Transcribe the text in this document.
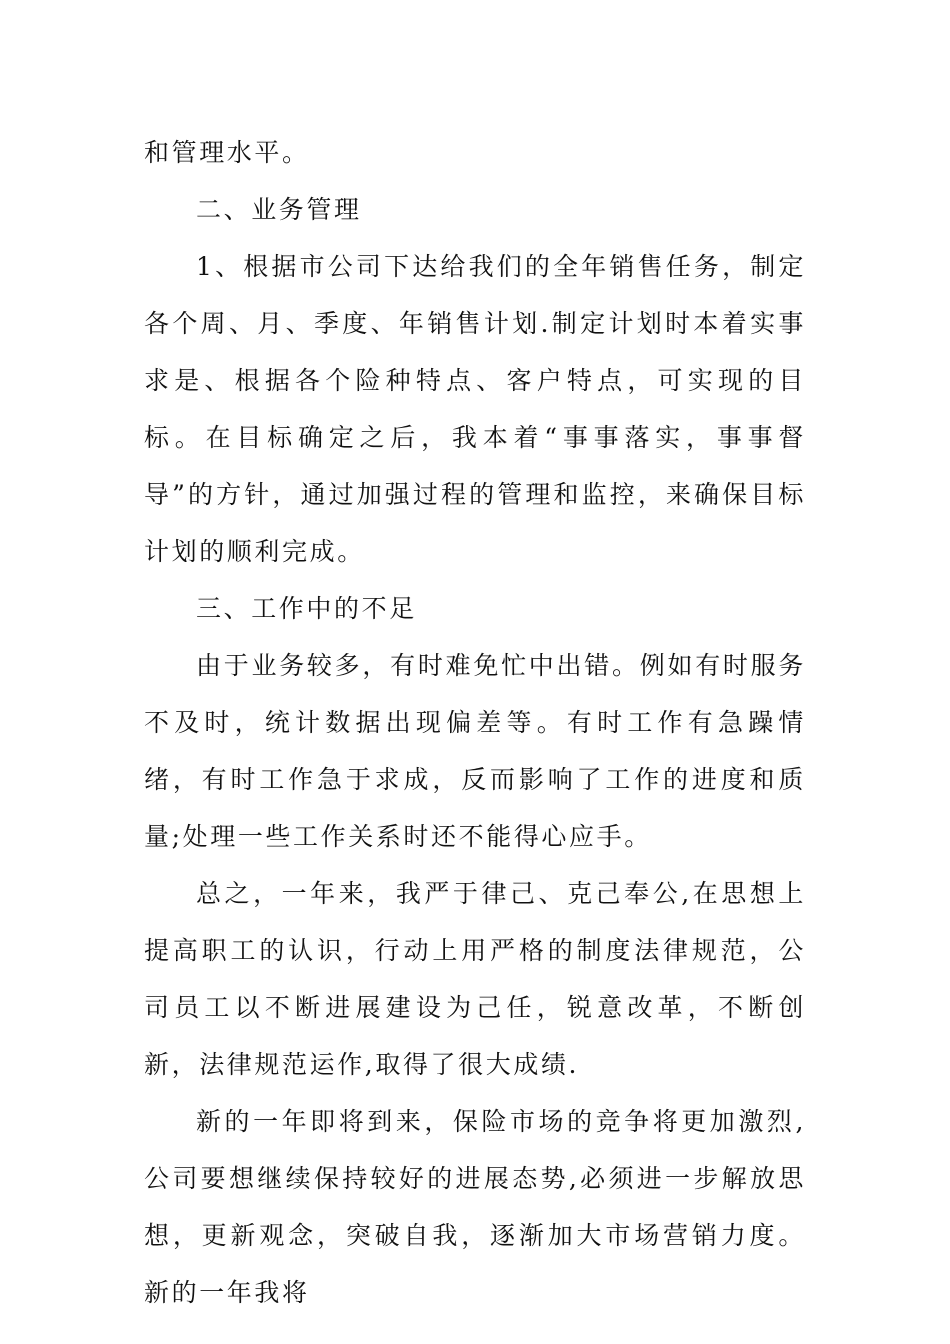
和管理水平。

二、业务管理

1、根据市公司下达给我们的全年销售任务，制定各个周、月、季度、年销售计划.制定计划时本着实事求是、根据各个险种特点、客户特点，可实现的目标。在目标确定之后，我本着“事事落实，事事督导”的方针，通过加强过程的管理和监控，来确保目标计划的顺利完成。

三、工作中的不足

由于业务较多，有时难免忙中出错。例如有时服务不及时，统计数据出现偏差等。有时工作有急躁情绪，有时工作急于求成，反而影响了工作的进度和质量;处理一些工作关系时还不能得心应手。

总之，一年来，我严于律己、克己奉公,在思想上提高职工的认识，行动上用严格的制度法律规范，公司员工以不断进展建设为己任，锐意改革，不断创新，法律规范运作,取得了很大成绩.

新的一年即将到来，保险市场的竞争将更加激烈,公司要想继续保持较好的进展态势,必须进一步解放思想，更新观念，突破自我，逐渐加大市场营销力度。新的一年我将
